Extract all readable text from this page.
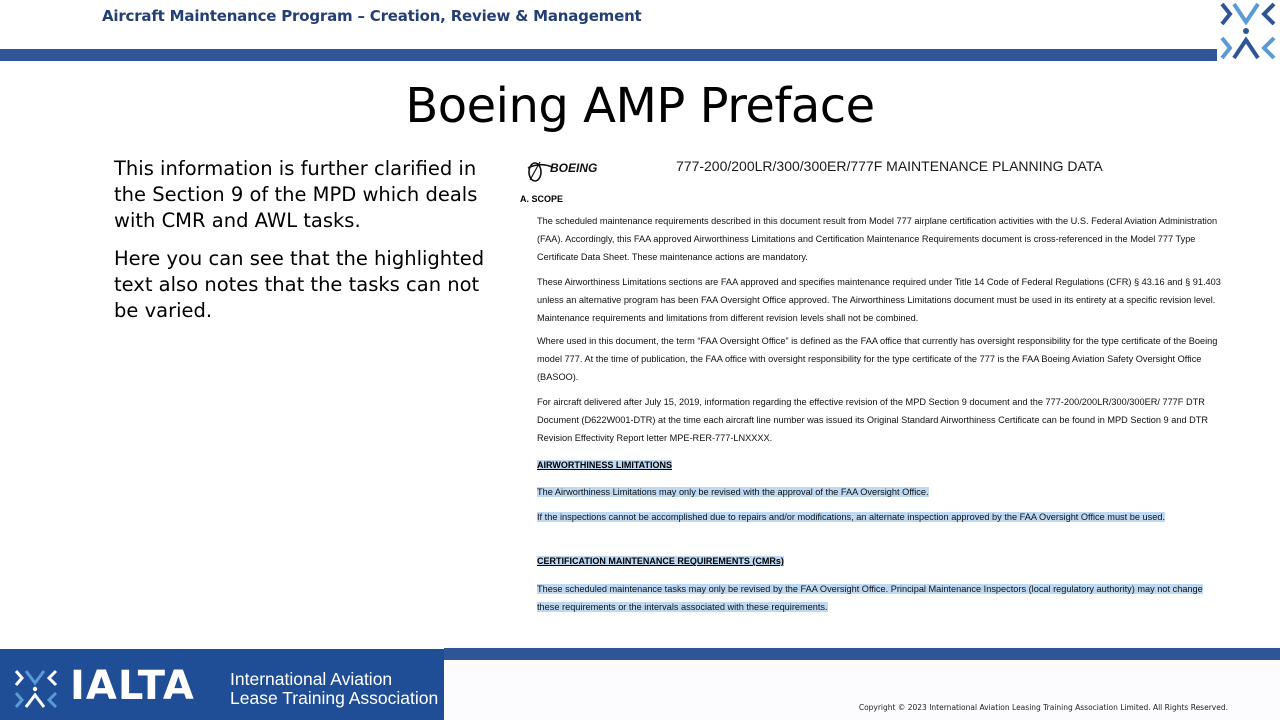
Aircraft Maintenance Program – Creation, Review & Management
Boeing AMP Preface

This information is further clarified in the Section 9 of the MPD which deals with CMR and AWL tasks.

Here you can see that the highlighted text also notes that the tasks can not be varied.

BOEING	777-200/200LR/300/300ER/777F MAINTENANCE PLANNING DATA
A. SCOPE
The scheduled maintenance requirements described in this document result from Model 777 airplane certification activities with the U.S. Federal Aviation Administration (FAA). Accordingly, this FAA approved Airworthiness Limitations and Certification Maintenance Requirements document is cross-referenced in the Model 777 Type Certificate Data Sheet. These maintenance actions are mandatory.
These Airworthiness Limitations sections are FAA approved and specifies maintenance required under Title 14 Code of Federal Regulations (CFR) § 43.16 and § 91.403 unless an alternative program has been FAA Oversight Office approved. The Airworthiness Limitations document must be used in its entirety at a specific revision level. Maintenance requirements and limitations from different revision levels shall not be combined.
Where used in this document, the term “FAA Oversight Office” is defined as the FAA office that currently has oversight responsibility for the type certificate of the Boeing model 777. At the time of publication, the FAA office with oversight responsibility for the type certificate of the 777 is the FAA Boeing Aviation Safety Oversight Office (BASOO).
For aircraft delivered after July 15, 2019, information regarding the effective revision of the MPD Section 9 document and the 777-200/200LR/300/300ER/ 777F DTR Document (D622W001-DTR) at the time each aircraft line number was issued its Original Standard Airworthiness Certificate can be found in MPD Section 9 and DTR Revision Effectivity Report letter MPE-RER-777-LNXXXX.
AIRWORTHINESS LIMITATIONS
The Airworthiness Limitations may only be revised with the approval of the FAA Oversight Office.
If the inspections cannot be accomplished due to repairs and/or modifications, an alternate inspection approved by the FAA Oversight Office must be used.
CERTIFICATION MAINTENANCE REQUIREMENTS (CMRs)
These scheduled maintenance tasks may only be revised by the FAA Oversight Office. Principal Maintenance Inspectors (local regulatory authority) may not change these requirements or the intervals associated with these requirements.
IALTA International Aviation
Lease Training Association	Copyright © 2023 International Aviation Leasing Training Association Limited. All Rights Reserved.
